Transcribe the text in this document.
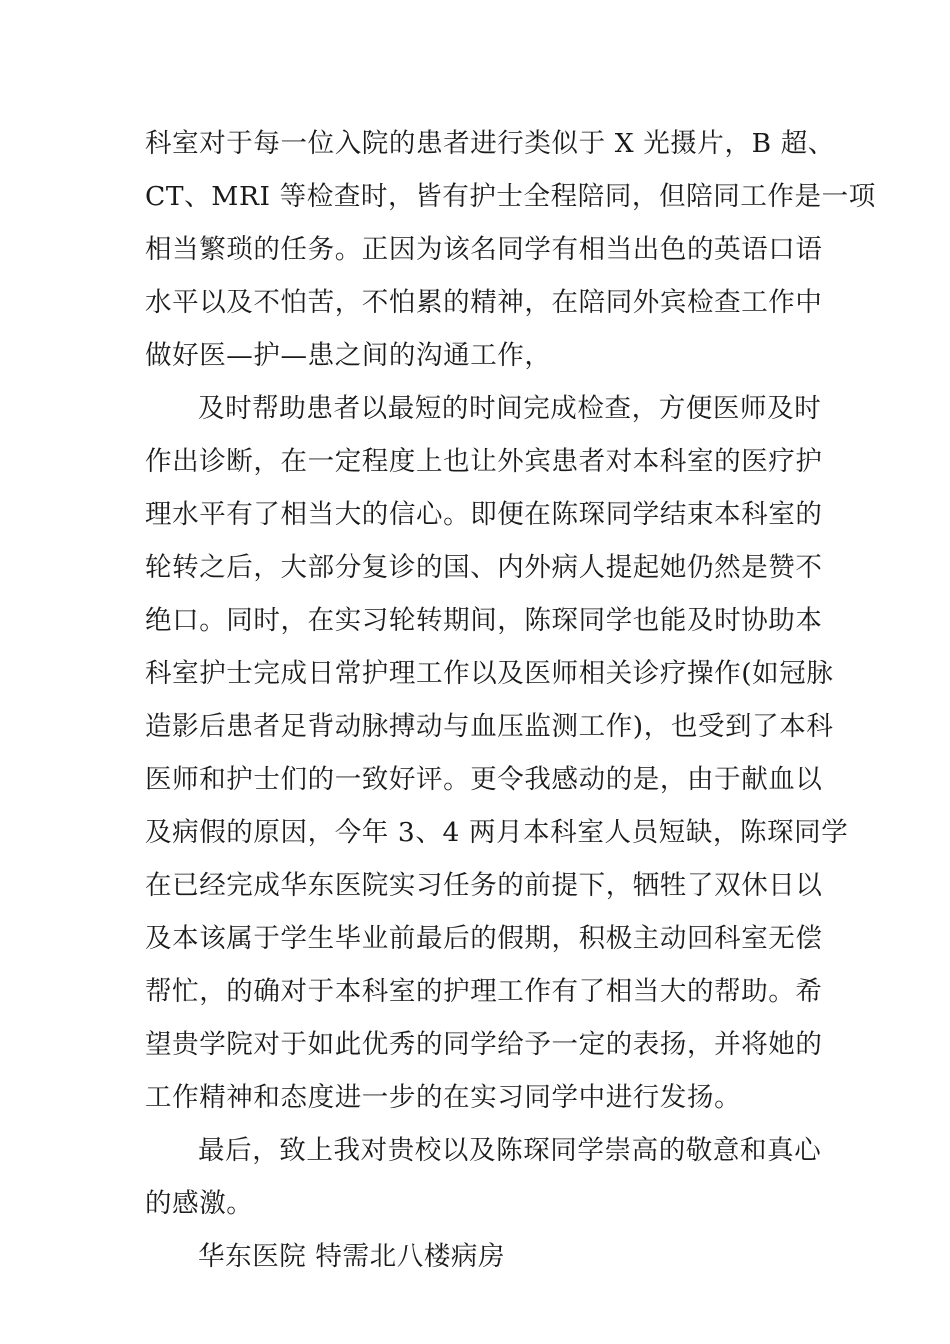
科室对于每一位入院的患者进行类似于 X 光摄片，B 超、
CT、MRI 等检查时，皆有护士全程陪同，但陪同工作是一项
相当繁琐的任务。正因为该名同学有相当出色的英语口语
水平以及不怕苦，不怕累的精神，在陪同外宾检查工作中
做好医—护—患之间的沟通工作，
及时帮助患者以最短的时间完成检查，方便医师及时
作出诊断，在一定程度上也让外宾患者对本科室的医疗护
理水平有了相当大的信心。即便在陈琛同学结束本科室的
轮转之后，大部分复诊的国、内外病人提起她仍然是赞不
绝口。同时，在实习轮转期间，陈琛同学也能及时协助本
科室护士完成日常护理工作以及医师相关诊疗操作(如冠脉
造影后患者足背动脉搏动与血压监测工作)，也受到了本科
医师和护士们的一致好评。更令我感动的是，由于献血以
及病假的原因，今年 3、4 两月本科室人员短缺，陈琛同学
在已经完成华东医院实习任务的前提下，牺牲了双休日以
及本该属于学生毕业前最后的假期，积极主动回科室无偿
帮忙，的确对于本科室的护理工作有了相当大的帮助。希
望贵学院对于如此优秀的同学给予一定的表扬，并将她的
工作精神和态度进一步的在实习同学中进行发扬。
最后，致上我对贵校以及陈琛同学崇高的敬意和真心
的感激。
华东医院 特需北八楼病房
